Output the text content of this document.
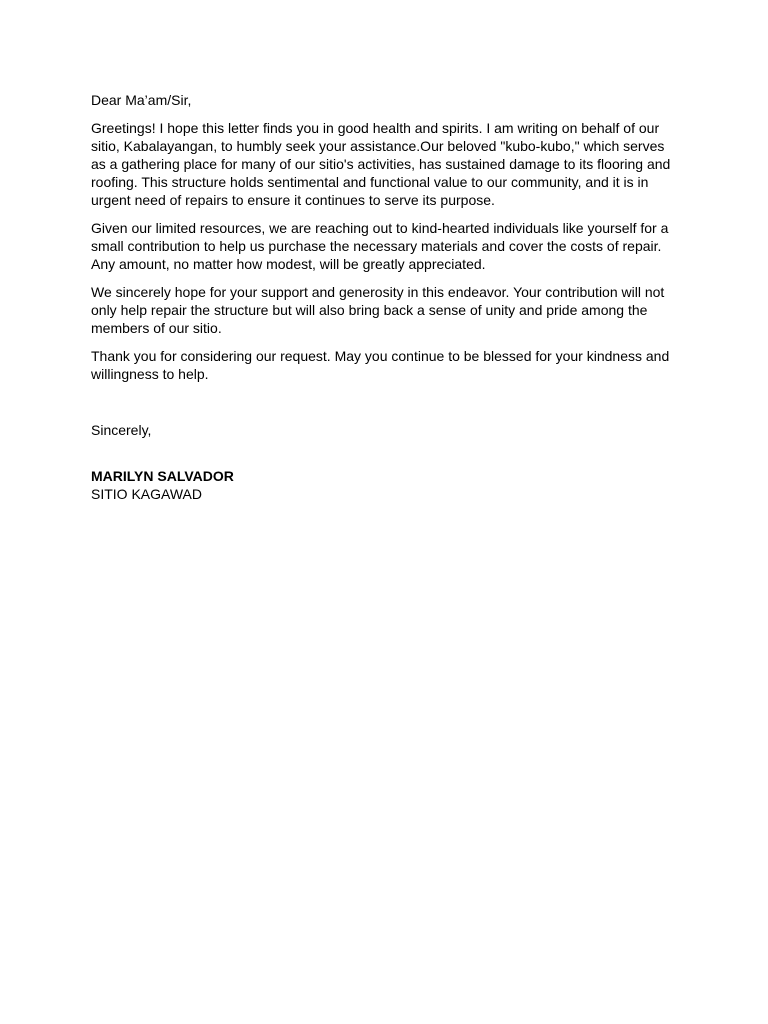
Dear Ma’am/Sir,

Greetings! I hope this letter finds you in good health and spirits. I am writing on behalf of our sitio, Kabalayangan, to humbly seek your assistance.Our beloved "kubo-kubo," which serves as a gathering place for many of our sitio's activities, has sustained damage to its flooring and roofing. This structure holds sentimental and functional value to our community, and it is in urgent need of repairs to ensure it continues to serve its purpose.

Given our limited resources, we are reaching out to kind-hearted individuals like yourself for a small contribution to help us purchase the necessary materials and cover the costs of repair. Any amount, no matter how modest, will be greatly appreciated.

We sincerely hope for your support and generosity in this endeavor. Your contribution will not only help repair the structure but will also bring back a sense of unity and pride among the members of our sitio.

Thank you for considering our request. May you continue to be blessed for your kindness and willingness to help.

Sincerely,

MARILYN SALVADOR

SITIO KAGAWAD
